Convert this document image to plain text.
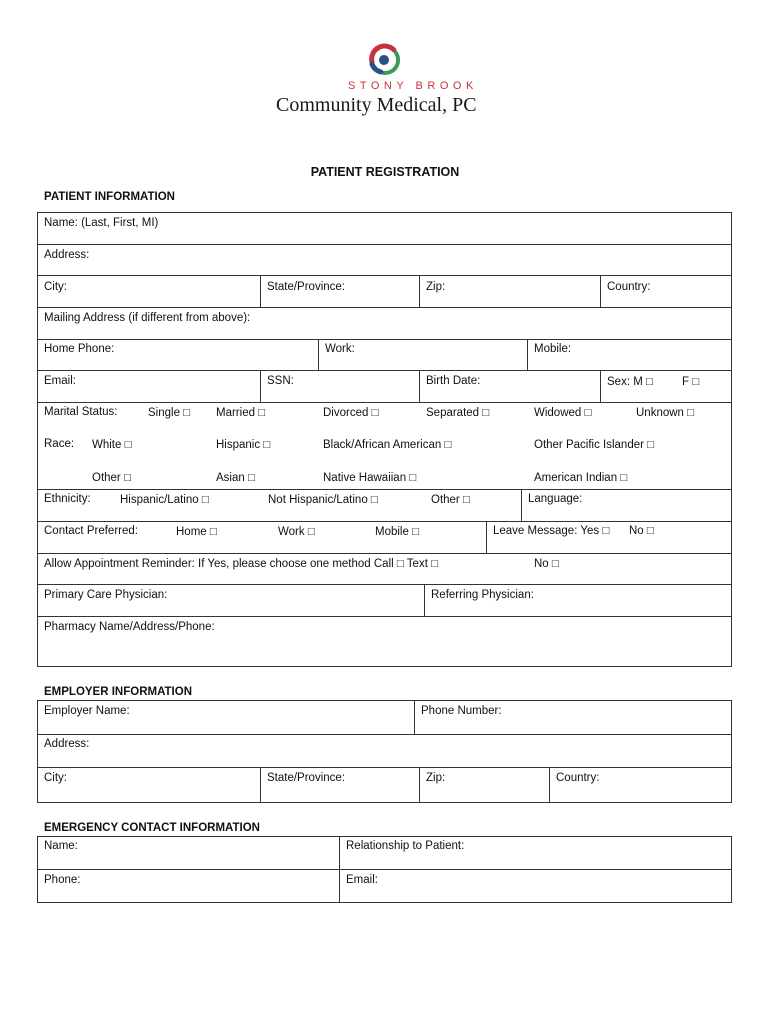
STONY BROOK
Community Medical, PC
PATIENT REGISTRATION
PATIENT INFORMATION
Name: (Last, First, MI)
Address:
City:	State/Province:	Zip:	Country:
Mailing Address (if different from above):
Home Phone:	Work:	Mobile:
Email:	SSN:	Birth Date:	Sex: M □	F □
Marital Status:	Single □ Married □	Divorced □	Separated □	Widowed □	Unknown □
Race: White □	Hispanic □	Black/African American □	Other Pacific Islander □
Other □	Asian □	Native Hawaiian □	American Indian □
Ethnicity:	Hispanic/Latino □	Not Hispanic/Latino □	Other □	Language:
Contact Preferred:	Home □	Work □	Mobile □	Leave Message: Yes □ No □
Allow Appointment Reminder: If Yes, please choose one method Call □ Text □	No □
Primary Care Physician:	Referring Physician:
Pharmacy Name/Address/Phone:
EMPLOYER INFORMATION
Employer Name:	Phone Number:
Address:
City:	State/Province:	Zip:	Country:
EMERGENCY CONTACT INFORMATION
Name:	Relationship to Patient:
Phone:	Email:
